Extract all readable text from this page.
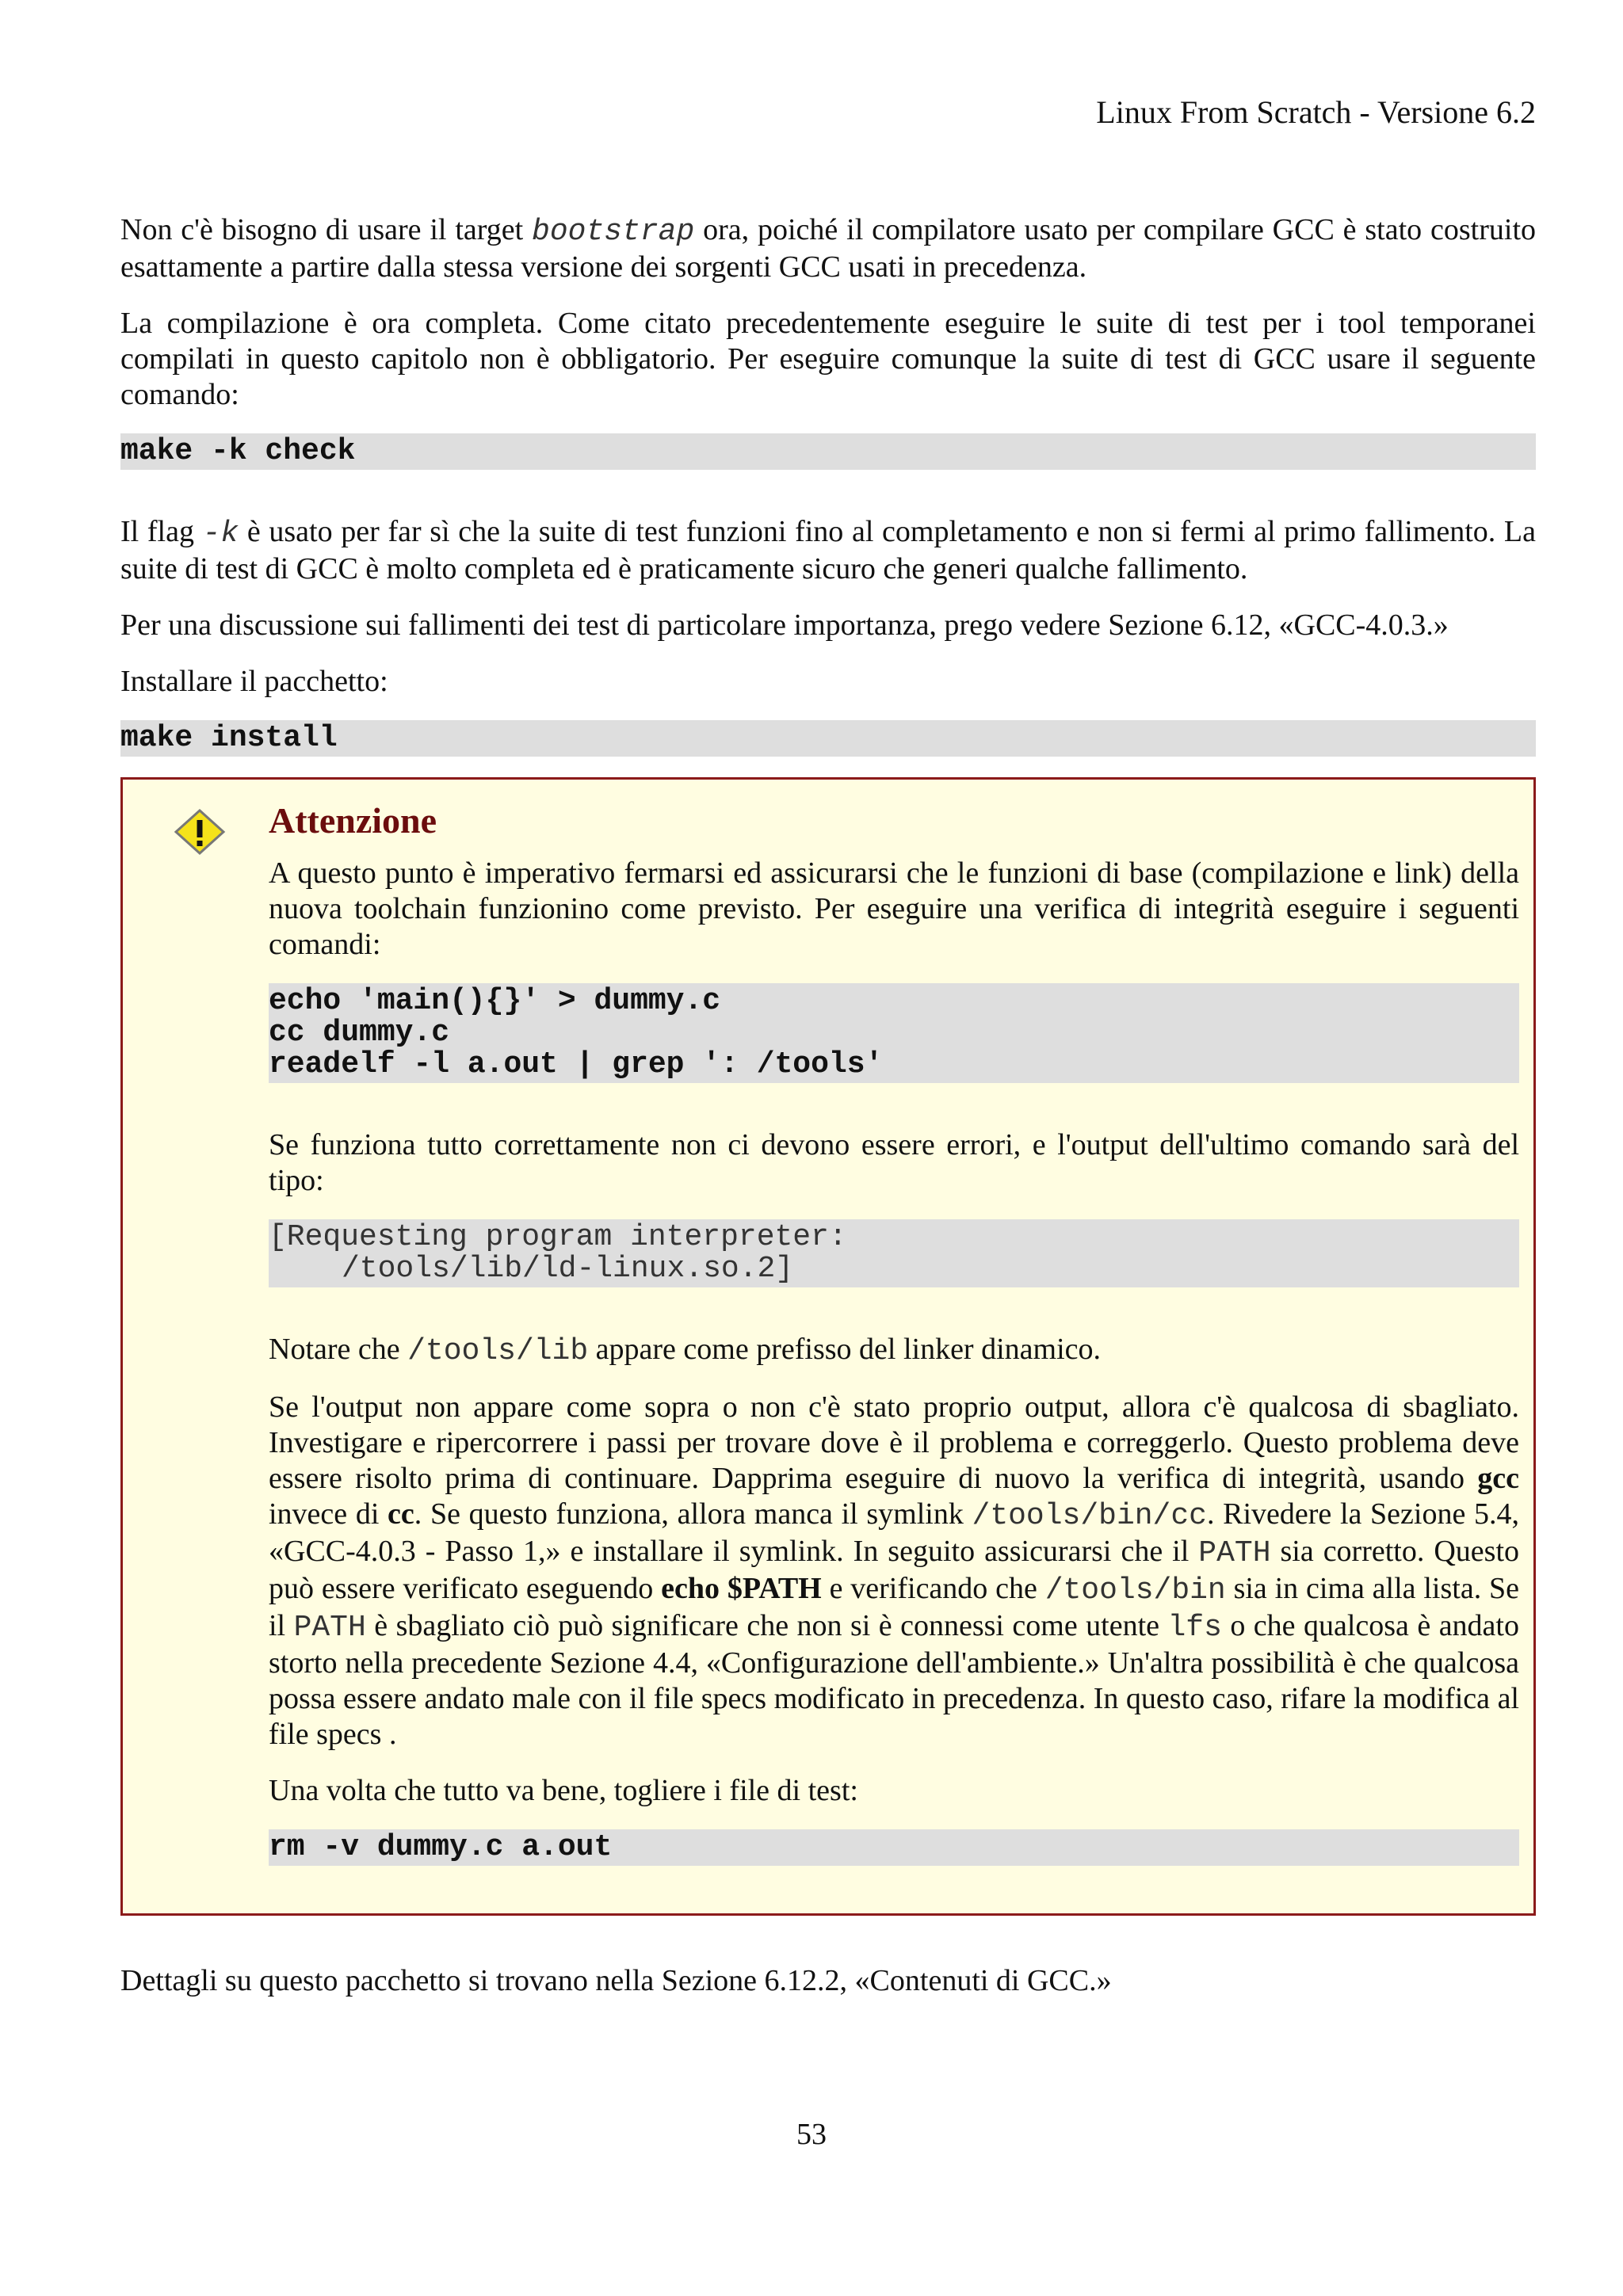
Linux From Scratch - Versione 6.2

Non c'è bisogno di usare il target bootstrap ora, poiché il compilatore usato per compilare GCC è stato costruito esattamente a partire dalla stessa versione dei sorgenti GCC usati in precedenza.

La compilazione è ora completa. Come citato precedentemente eseguire le suite di test per i tool temporanei compilati in questo capitolo non è obbligatorio. Per eseguire comunque la suite di test di GCC usare il seguente comando:

make -k check

Il flag -k è usato per far sì che la suite di test funzioni fino al completamento e non si fermi al primo fallimento. La suite di test di GCC è molto completa ed è praticamente sicuro che generi qualche fallimento.

Per una discussione sui fallimenti dei test di particolare importanza, prego vedere Sezione 6.12, «GCC-4.0.3.»

Installare il pacchetto:

make install
Attenzione

A questo punto è imperativo fermarsi ed assicurarsi che le funzioni di base (compilazione e link) della nuova toolchain funzionino come previsto. Per eseguire una verifica di integrità eseguire i seguenti comandi:

echo 'main(){}' > dummy.c
cc dummy.c
readelf -l a.out | grep ': /tools'

Se funziona tutto correttamente non ci devono essere errori, e l'output dell'ultimo comando sarà del tipo:

[Requesting program interpreter:
/tools/lib/ld-linux.so.2]

Notare che /tools/lib appare come prefisso del linker dinamico.

Se l'output non appare come sopra o non c'è stato proprio output, allora c'è qualcosa di sbagliato. Investigare e ripercorrere i passi per trovare dove è il problema e correggerlo. Questo problema deve essere risolto prima di continuare. Dapprima eseguire di nuovo la verifica di integrità, usando gcc invece di cc. Se questo funziona, allora manca il symlink /tools/bin/cc. Rivedere la Sezione 5.4, «GCC-4.0.3 - Passo 1,» e installare il symlink. In seguito assicurarsi che il PATH sia corretto. Questo può essere verificato eseguendo echo $PATH e verificando che /tools/bin sia in cima alla lista. Se il PATH è sbagliato ciò può significare che non si è connessi come utente lfs o che qualcosa è andato storto nella precedente Sezione 4.4, «Configurazione dell'ambiente.» Un'altra possibilità è che qualcosa possa essere andato male con il file specs modificato in precedenza. In questo caso, rifare la modifica al file specs .

Una volta che tutto va bene, togliere i file di test:

rm -v dummy.c a.out

Dettagli su questo pacchetto si trovano nella Sezione 6.12.2, «Contenuti di GCC.»

53
